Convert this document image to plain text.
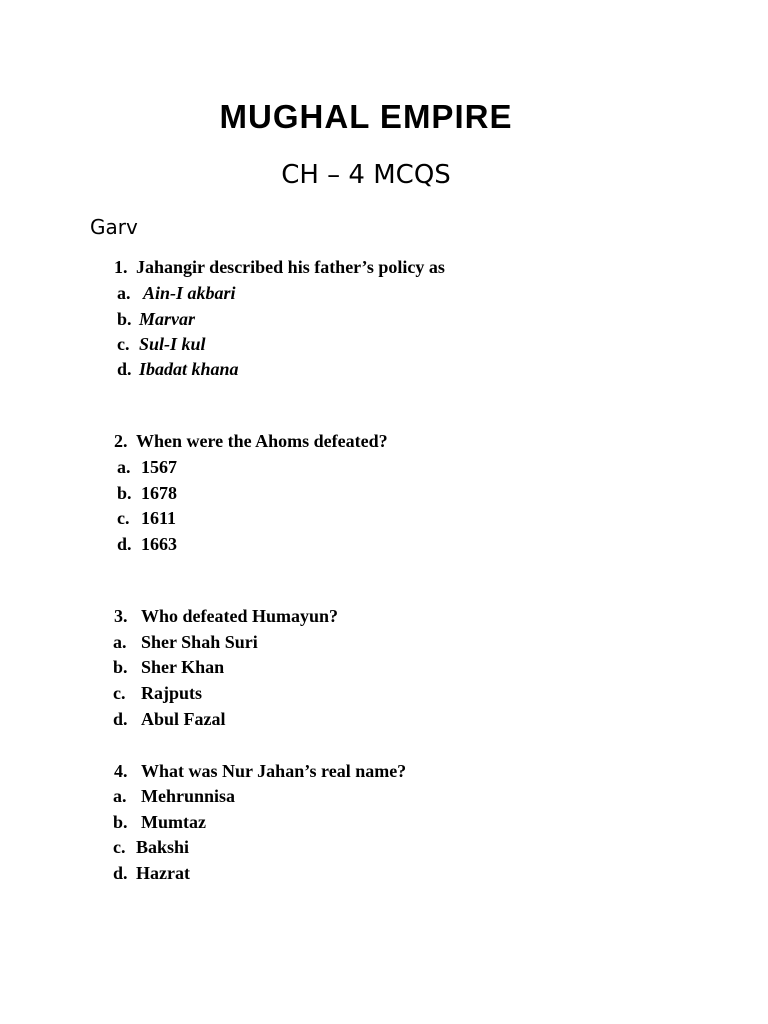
MUGHAL EMPIRE
CH – 4 MCQS
Garv
1. Jahangir described his father’s policy as
a. Ain-I akbari
b. Marvar
c. Sul-I kul
d. Ibadat khana
2. When were the Ahoms defeated?
a. 1567
b. 1678
c. 1611
d. 1663
3. Who defeated Humayun?
a. Sher Shah Suri
b. Sher Khan
c. Rajputs
d. Abul Fazal
4. What was Nur Jahan’s real name?
a. Mehrunnisa
b. Mumtaz
c. Bakshi
d. Hazrat
